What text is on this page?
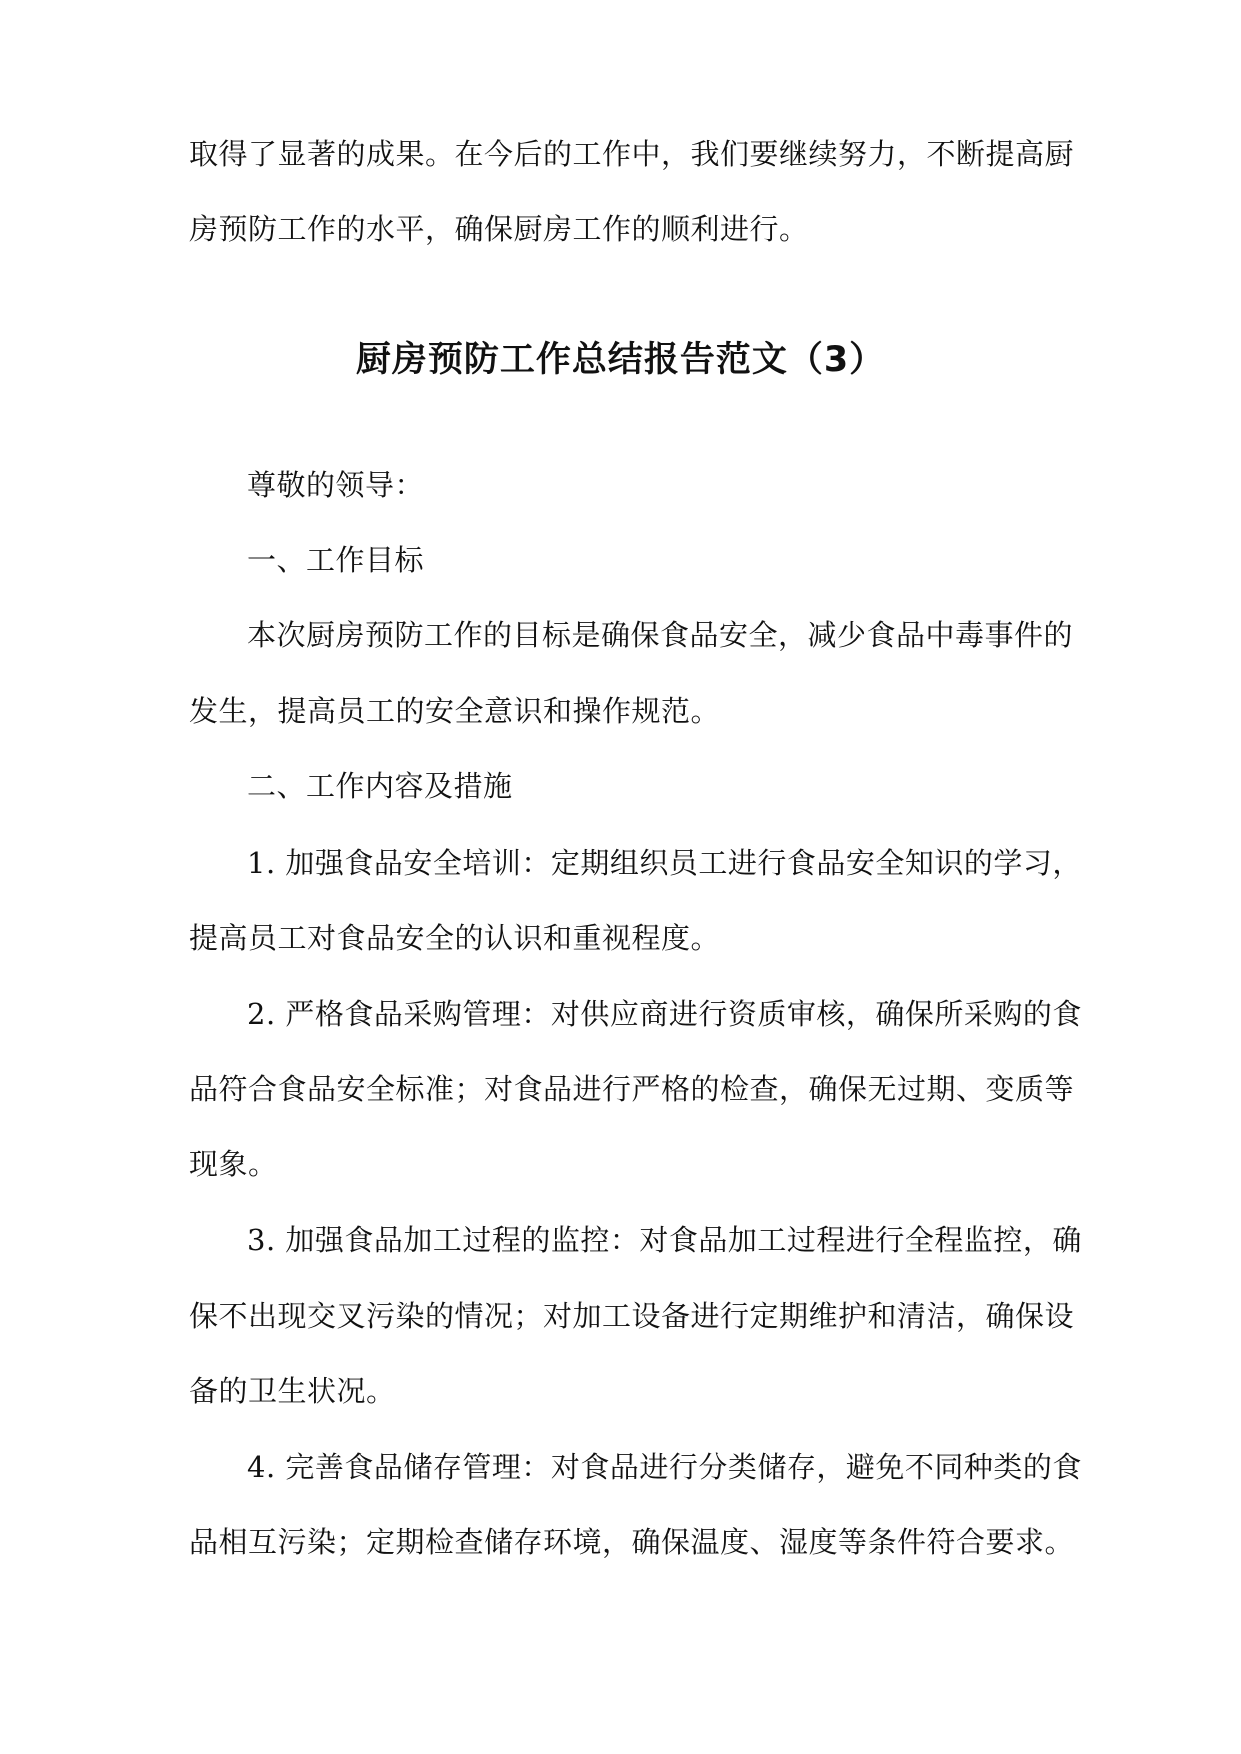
取得了显著的成果。在今后的工作中，我们要继续努力，不断提高厨
房预防工作的水平，确保厨房工作的顺利进行。
厨房预防工作总结报告范文（3）
尊敬的领导：
一、工作目标
本次厨房预防工作的目标是确保食品安全，减少食品中毒事件的
发生，提高员工的安全意识和操作规范。
二、工作内容及措施
1. 加强食品安全培训：定期组织员工进行食品安全知识的学习，
提高员工对食品安全的认识和重视程度。
2. 严格食品采购管理：对供应商进行资质审核，确保所采购的食
品符合食品安全标准；对食品进行严格的检查，确保无过期、变质等
现象。
3. 加强食品加工过程的监控：对食品加工过程进行全程监控，确
保不出现交叉污染的情况；对加工设备进行定期维护和清洁，确保设
备的卫生状况。
4. 完善食品储存管理：对食品进行分类储存，避免不同种类的食
品相互污染；定期检查储存环境，确保温度、湿度等条件符合要求。
